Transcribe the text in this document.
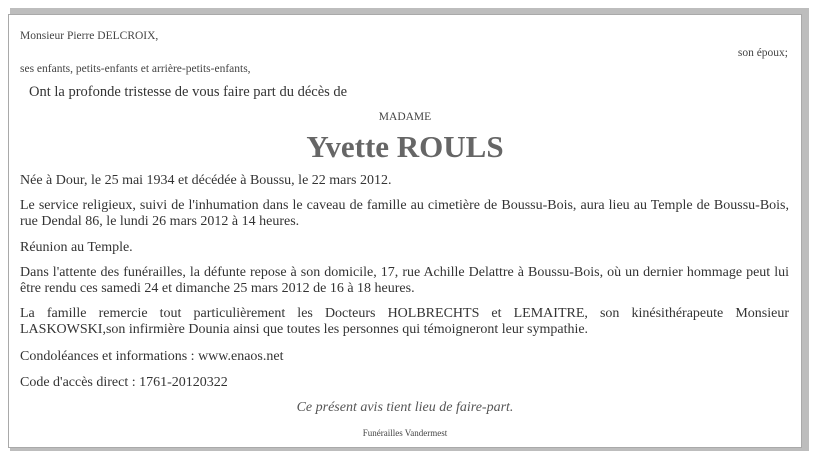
Monsieur Pierre DELCROIX,

son époux;

ses enfants, petits-enfants et arrière-petits-enfants,

Ont la profonde tristesse de vous faire part du décès de

MADAME

Yvette ROULS

Née à Dour, le 25 mai 1934 et décédée à Boussu, le 22 mars 2012.

Le service religieux, suivi de l'inhumation dans le caveau de famille au cimetière de Boussu-Bois, aura lieu au Temple de Boussu-Bois, rue Dendal 86, le lundi 26 mars 2012 à 14 heures.

Réunion au Temple.

Dans l'attente des funérailles, la défunte repose à son domicile, 17, rue Achille Delattre à Boussu-Bois, où un dernier hommage peut lui être rendu ces samedi 24 et dimanche 25 mars 2012 de 16 à 18 heures.

La famille remercie tout particulièrement les Docteurs HOLBRECHTS et LEMAITRE, son kinésithérapeute Monsieur LASKOWSKI,son infirmière Dounia ainsi que toutes les personnes qui témoigneront leur sympathie.

Condoléances et informations : www.enaos.net

Code d'accès direct : 1761-20120322

Ce présent avis tient lieu de faire-part.

Funérailles Vandermest
